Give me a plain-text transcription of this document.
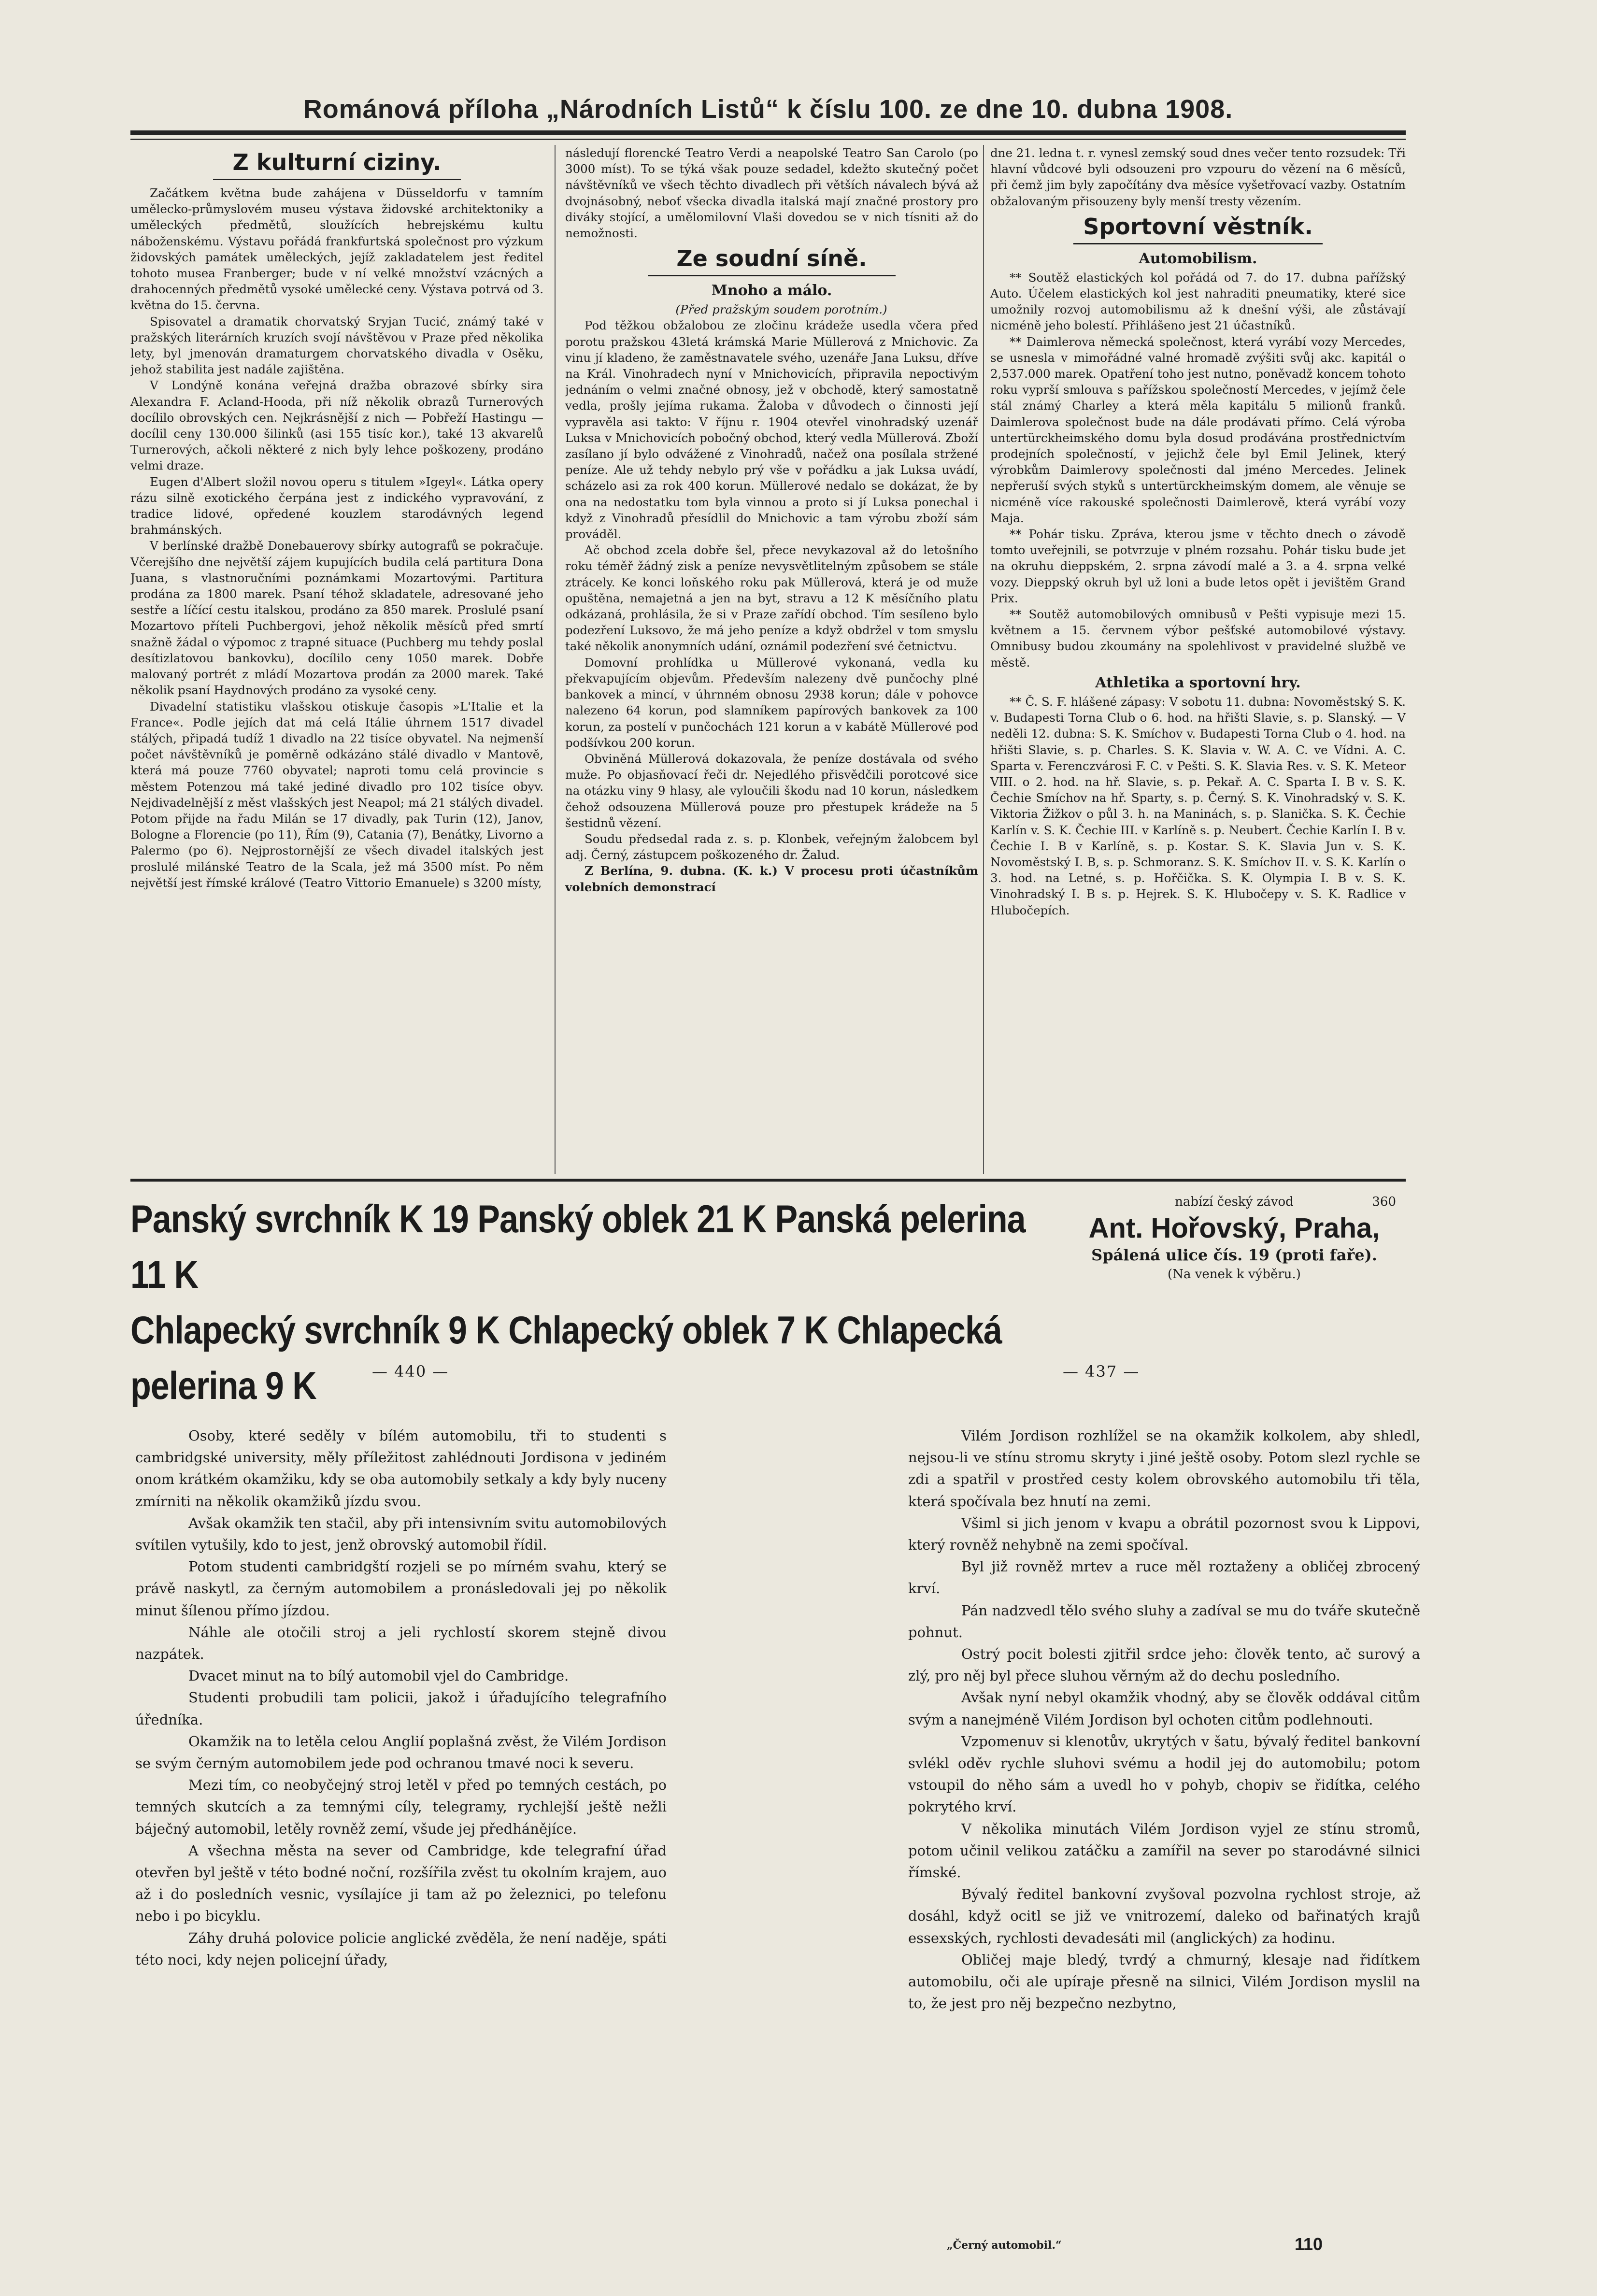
Románová příloha „Národních Listů“ k číslu 100. ze dne 10. dubna 1908.
Z kulturní ciziny.

Začátkem května bude zahájena v Düsseldorfu v tamním umělecko-průmyslovém museu výstava židovské architektoniky a uměleckých předmětů, sloužících hebrejskému kultu náboženskému. Výstavu pořádá frankfurtská společnost pro výzkum židovských památek uměleckých, jejíž zakladatelem jest ředitel tohoto musea Franberger; bude v ní velké množství vzácných a drahocenných předmětů vysoké umělecké ceny. Výstava potrvá od 3. května do 15. června.

Spisovatel a dramatik chorvatský Sryjan Tucić, známý také v pražských literárních kruzích svojí návštěvou v Praze před několika lety, byl jmenován dramaturgem chorvatského divadla v Osěku, jehož stabilita jest nadále zajištěna.

V Londýně konána veřejná dražba obrazové sbírky sira Alexandra F. Acland-Hooda, při níž několik obrazů Turnerových docílilo obrovských cen. Nejkrásnější z nich — Pobřeží Hastingu — docílil ceny 130.000 šilinků (asi 155 tisíc kor.), také 13 akvarelů Turnerových, ačkoli některé z nich byly lehce poškozeny, prodáno velmi draze.

Eugen d'Albert složil novou operu s titulem »Igeyl«. Látka opery rázu silně exotického čerpána jest z indického vypravování, z tradice lidové, opředené kouzlem starodávných legend brahmánských.

V berlínské dražbě Donebauerovy sbírky autografů se pokračuje. Včerejšího dne největší zájem kupujících budila celá partitura Dona Juana, s vlastnoručními poznámkami Mozartovými. Partitura prodána za 1800 marek. Psaní téhož skladatele, adresované jeho sestře a líčící cestu italskou, prodáno za 850 marek. Proslulé psaní Mozartovo příteli Puchbergovi, jehož několik měsíců před smrtí snažně žádal o výpomoc z trapné situace (Puchberg mu tehdy poslal desítizlatovou bankovku), docílilo ceny 1050 marek. Dobře malovaný portrét z mládí Mozartova prodán za 2000 marek. Také několik psaní Haydnových prodáno za vysoké ceny.

Divadelní statistiku vlašskou otiskuje časopis »L'Italie et la France«. Podle jejích dat má celá Itálie úhrnem 1517 divadel stálých, připadá tudíž 1 divadlo na 22 tisíce obyvatel. Na nejmenší počet návštěvníků je poměrně odkázáno stálé divadlo v Mantově, která má pouze 7760 obyvatel; naproti tomu celá provincie s městem Potenzou má také jediné divadlo pro 102 tisíce obyv. Nejdivadelnější z měst vlašských jest Neapol; má 21 stálých divadel. Potom přijde na řadu Milán se 17 divadly, pak Turin (12), Janov, Bologne a Florencie (po 11), Řím (9), Catania (7), Benátky, Livorno a Palermo (po 6). Nejprostornější ze všech divadel italských jest proslulé milánské Teatro de la Scala, jež má 3500 míst. Po něm největší jest římské králové (Teatro Vittorio Emanuele) s 3200 místy,

následují florencké Teatro Verdi a neapolské Teatro San Carolo (po 3000 míst). To se týká však pouze sedadel, kdežto skutečný počet návštěvníků ve všech těchto divadlech při větších návalech bývá až dvojnásobný, neboť všecka divadla italská mají značné prostory pro diváky stojící, a umělomilovní Vlaši dovedou se v nich tísniti až do nemožnosti.

Ze soudní síně.
Mnoho a málo.

(Před pražským soudem porotním.)

Pod těžkou obžalobou ze zločinu krádeže usedla včera před porotu pražskou 43letá krámská Marie Müllerová z Mnichovic. Za vinu jí kladeno, že zaměstnavatele svého, uzenáře Jana Luksu, dříve na Král. Vinohradech nyní v Mnichovicích, připravila nepoctivým jednáním o velmi značné obnosy, jež v obchodě, který samostatně vedla, prošly jejíma rukama. Žaloba v důvodech o činnosti její vypravěla asi takto: V říjnu r. 1904 otevřel vinohradský uzenář Luksa v Mnichovicích pobočný obchod, který vedla Müllerová. Zboží zasílano jí bylo odvážené z Vinohradů, načež ona posílala stržené peníze. Ale už tehdy nebylo prý vše v pořádku a jak Luksa uvádí, scházelo asi za rok 400 korun. Müllerové nedalo se dokázat, že by ona na nedostatku tom byla vinnou a proto si jí Luksa ponechal i když z Vinohradů přesídlil do Mnichovic a tam výrobu zboží sám prováděl.

Ač obchod zcela dobře šel, přece nevykazoval až do letošního roku téměř žádný zisk a peníze nevysvětlitelným způsobem se stále ztrácely. Ke konci loňského roku pak Müllerová, která je od muže opuštěna, nemajetná a jen na byt, stravu a 12 K měsíčního platu odkázaná, prohlásila, že si v Praze zařídí obchod. Tím sesíleno bylo podezření Luksovo, že má jeho peníze a když obdržel v tom smyslu také několik anonymních udání, oznámil podezření své četnictvu.

Domovní prohlídka u Müllerové vykonaná, vedla ku překvapujícím objevům. Především nalezeny dvě punčochy plné bankovek a mincí, v úhrnném obnosu 2938 korun; dále v pohovce nalezeno 64 korun, pod slamníkem papírových bankovek za 100 korun, za postelí v punčochách 121 korun a v kabátě Müllerové pod podšívkou 200 korun.

Obviněná Müllerová dokazovala, že peníze dostávala od svého muže. Po objasňovací řeči dr. Nejedlého přisvědčili porotcové sice na otázku viny 9 hlasy, ale vyloučili škodu nad 10 korun, následkem čehož odsouzena Müllerová pouze pro přestupek krádeže na 5 šestidnů vězení.

Soudu předsedal rada z. s. p. Klonbek, veřejným žalobcem byl adj. Černý, zástupcem poškozeného dr. Žalud.

Z Berlína, 9. dubna. (K. k.) V procesu proti účastníkům volebních demonstrací

dne 21. ledna t. r. vynesl zemský soud dnes večer tento rozsudek: Tři hlavní vůdcové byli odsouzeni pro vzpouru do vězení na 6 měsíců, při čemž jim byly započítány dva měsíce vyšetřovací vazby. Ostatním obžalovaným přisouzeny byly menší tresty vězením.

Sportovní věstník.
Automobilism.

** Soutěž elastických kol pořádá od 7. do 17. dubna pařížský Auto. Účelem elastických kol jest nahraditi pneumatiky, které sice umožnily rozvoj automobilismu až k dnešní výši, ale zůstávají nicméně jeho bolestí. Přihlášeno jest 21 účastníků.

** Daimlerova německá společnost, která vyrábí vozy Mercedes, se usnesla v mimořádné valné hromadě zvýšiti svůj akc. kapitál o 2,537.000 marek. Opatření toho jest nutno, poněvadž koncem tohoto roku vyprší smlouva s pařížskou společností Mercedes, v jejímž čele stál známý Charley a která měla kapitálu 5 milionů franků. Daimlerova společnost bude na dále prodávati přímo. Celá výroba untertürckheimského domu byla dosud prodávána prostřednictvím prodejních společností, v jejichž čele byl Emil Jelinek, který výrobkům Daimlerovy společnosti dal jméno Mercedes. Jelinek nepřeruší svých styků s untertürckheimským domem, ale věnuje se nicméně více rakouské společnosti Daimlerově, která vyrábí vozy Maja.

** Pohár tisku. Zpráva, kterou jsme v těchto dnech o závodě tomto uveřejnili, se potvrzuje v plném rozsahu. Pohár tisku bude jet na okruhu dieppském, 2. srpna závodí malé a 3. a 4. srpna velké vozy. Dieppský okruh byl už loni a bude letos opět i jevištěm Grand Prix.

** Soutěž automobilových omnibusů v Pešti vypisuje mezi 15. květnem a 15. červnem výbor pešťské automobilové výstavy. Omnibusy budou zkoumány na spolehlivost v pravidelné službě ve městě.

Athletika a sportovní hry.

** Č. S. F. hlášené zápasy: V sobotu 11. dubna: Novoměstský S. K. v. Budapesti Torna Club o 6. hod. na hřišti Slavie, s. p. Slanský. — V neděli 12. dubna: S. K. Smíchov v. Budapesti Torna Club o 4. hod. na hřišti Slavie, s. p. Charles. S. K. Slavia v. W. A. C. ve Vídni. A. C. Sparta v. Ferenczvárosi F. C. v Pešti. S. K. Slavia Res. v. S. K. Meteor VIII. o 2. hod. na hř. Slavie, s. p. Pekař. A. C. Sparta I. B v. S. K. Čechie Smíchov na hř. Sparty, s. p. Černý. S. K. Vinohradský v. S. K. Viktoria Žižkov o půl 3. h. na Maninách, s. p. Slanička. S. K. Čechie Karlín v. S. K. Čechie III. v Karlíně s. p. Neubert. Čechie Karlín I. B v. Čechie I. B v Karlíně, s. p. Kostar. S. K. Slavia Jun v. S. K. Novoměstský I. B, s. p. Schmoranz. S. K. Smíchov II. v. S. K. Karlín o 3. hod. na Letné, s. p. Hořčička. S. K. Olympia I. B v. S. K. Vinohradský I. B s. p. Hejrek. S. K. Hlubočepy v. S. K. Radlice v Hlubočepích.

Panský svrchník K 19 Panský oblek 21 K Panská pelerina 11 K
Chlapecký svrchník 9 K Chlapecký oblek 7 K Chlapecká pelerina 9 K
nabízí český závod	360
Ant. Hořovský, Praha,
Spálená ulice čís. 19 (proti faře).
(Na venek k výběru.)
— 440 —	— 437 —

Osoby, které seděly v bílém automobilu, tři to studenti s cambridgské university, měly příležitost zahlédnouti Jordisona v jediném onom krátkém okamžiku, kdy se oba automobily setkaly a kdy byly nuceny zmírniti na několik okamžiků jízdu svou.

Avšak okamžik ten stačil, aby při intensivním svitu automobilových svítilen vytušily, kdo to jest, jenž obrovský automobil řídil.

Potom studenti cambridgští rozjeli se po mírném svahu, který se právě naskytl, za černým automobilem a pronásledovali jej po několik minut šílenou přímo jízdou.

Náhle ale otočili stroj a jeli rychlostí skorem stejně divou nazpátek.

Dvacet minut na to bílý automobil vjel do Cambridge.

Studenti probudili tam policii, jakož i úřadujícího telegrafního úředníka.

Okamžik na to letěla celou Anglií poplašná zvěst, že Vilém Jordison se svým černým automobilem jede pod ochranou tmavé noci k severu.

Mezi tím, co neobyčejný stroj letěl v před po temných cestách, po temných skutcích a za temnými cíly, telegramy, rychlejší ještě nežli báječný automobil, letěly rovněž zemí, všude jej předhánějíce.

A všechna města na sever od Cambridge, kde telegrafní úřad otevřen byl ještě v této bodné noční, rozšířila zvěst tu okolním krajem, auo až i do posledních vesnic, vysílajíce ji tam až po železnici, po telefonu nebo i po bicyklu.

Záhy druhá polovice policie anglické zvěděla, že není naděje, spáti této noci, kdy nejen policejní úřady,

Vilém Jordison rozhlížel se na okamžik kolkolem, aby shledl, nejsou-li ve stínu stromu skryty i jiné ještě osoby. Potom slezl rychle se zdi a spatřil v prostřed cesty kolem obrovského automobilu tři těla, která spočívala bez hnutí na zemi.

Všiml si jich jenom v kvapu a obrátil pozornost svou k Lippovi, který rovněž nehybně na zemi spočíval.

Byl již rovněž mrtev a ruce měl roztaženy a obličej zbrocený krví.

Pán nadzvedl tělo svého sluhy a zadíval se mu do tváře skutečně pohnut.

Ostrý pocit bolesti zjitřil srdce jeho: člověk tento, ač surový a zlý, pro něj byl přece sluhou věrným až do dechu posledního.

Avšak nyní nebyl okamžik vhodný, aby se člověk oddával citům svým a nanejméně Vilém Jordison byl ochoten citům podlehnouti.

Vzpomenuv si klenotův, ukrytých v šatu, bývalý ředitel bankovní svlékl oděv rychle sluhovi svému a hodil jej do automobilu; potom vstoupil do něho sám a uvedl ho v pohyb, chopiv se řidítka, celého pokrytého krví.

V několika minutách Vilém Jordison vyjel ze stínu stromů, potom učinil velikou zatáčku a zamířil na sever po starodávné silnici římské.

Bývalý ředitel bankovní zvyšoval pozvolna rychlost stroje, až dosáhl, když ocitl se již ve vnitrozemí, daleko od bařinatých krajů essexských, rychlosti devadesáti mil (anglických) za hodinu.

Obličej maje bledý, tvrdý a chmurný, klesaje nad řidítkem automobilu, oči ale upíraje přesně na silnici, Vilém Jordison myslil na to, že jest pro něj bezpečno nezbytno,

„Černý automobil.“	110
